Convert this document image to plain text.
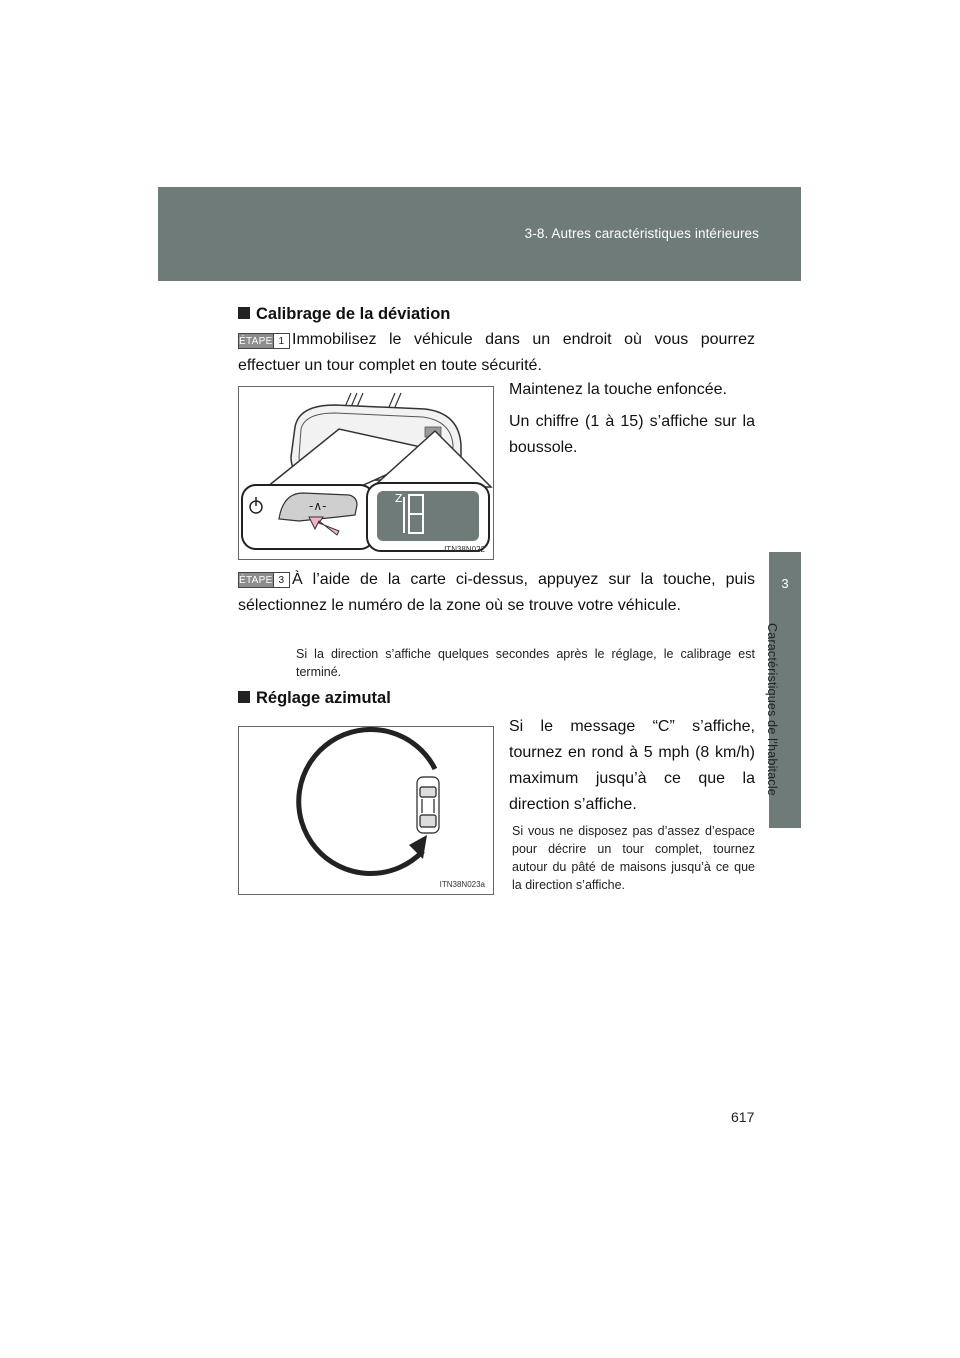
3-8. Autres caractéristiques intérieures
3
Caractéristiques de l’habitacle
Calibrage de la déviation
ÉTAPE 1 Immobilisez le véhicule dans un endroit où vous pourrez effectuer un tour complet en toute sécurité.
-∧-
Z
ITN38N022
Maintenez la touche enfoncée.
Un chiffre (1 à 15) s’affiche sur la boussole.
ÉTAPE 3 À l’aide de la carte ci-dessus, appuyez sur la touche, puis sélectionnez le numéro de la zone où se trouve votre véhicule.
Si la direction s’affiche quelques secondes après le réglage, le calibrage est terminé.
Réglage azimutal
ITN38N023a
Si le message “C” s’affiche, tournez en rond à 5 mph (8 km/h) maximum jusqu’à ce que la direction s’affiche.
Si vous ne disposez pas d’assez d’espace pour décrire un tour complet, tournez autour du pâté de maisons jusqu’à ce que la direction s’affiche.
617
